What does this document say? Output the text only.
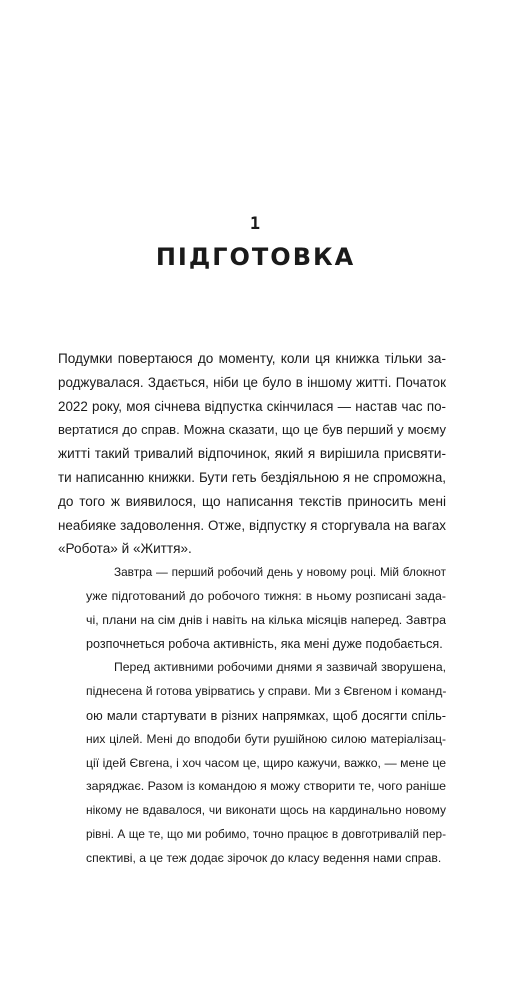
1
ПІДГОТОВКА

Подумки повертаюся до моменту, коли ця книжка тільки за-
роджувалася. Здається, ніби це було в іншому житті. Початок
2022 року, моя січнева відпустка скінчилася — настав час по-
вертатися до справ. Можна сказати, що це був перший у моєму
житті такий тривалий відпочинок, який я вирішила присвяти-
ти написанню книжки. Бути геть бездіяльною я не спроможна,
до того ж виявилося, що написання текстів приносить мені
неабияке задоволення. Отже, відпустку я сторгувала на вагах
«Робота» й «Життя».

Завтра — перший робочий день у новому році. Мій блокнот
уже підготований до робочого тижня: в ньому розписані зада-
чі, плани на сім днів і навіть на кілька місяців наперед. Завтра
розпочнеться робоча активність, яка мені дуже подобається.

Перед активними робочими днями я зазвичай зворушена,
піднесена й готова увірватись у справи. Ми з Євгеном і команд-
ою мали стартувати в різних напрямках, щоб досягти спіль-
них цілей. Мені до вподоби бути рушійною силою матеріалізац-
ції ідей Євгена, і хоч часом це, щиро кажучи, важко, — мене це
заряджає. Разом із командою я можу створити те, чого раніше
нікому не вдавалося, чи виконати щось на кардинально новому
рівні. А ще те, що ми робимо, точно працює в довготривалій пер-
спективі, а це теж додає зірочок до класу ведення нами справ.
